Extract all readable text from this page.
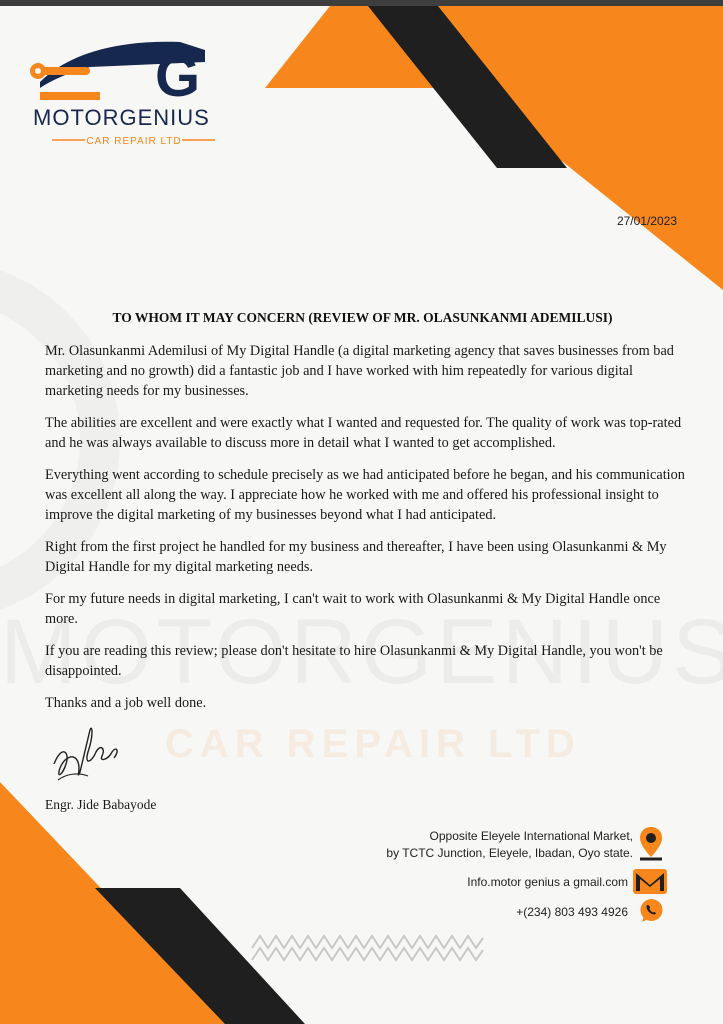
CAR REPAIR LTD
G
MOTORGENIUS
CAR REPAIR LTD
27/01/2023
TO WHOM IT MAY CONCERN (REVIEW OF MR. OLASUNKANMI ADEMILUSI)

Mr. Olasunkanmi Ademilusi of My Digital Handle (a digital marketing agency that saves businesses from bad marketing and no growth) did a fantastic job and I have worked with him repeatedly for various digital marketing needs for my businesses.

The abilities are excellent and were exactly what I wanted and requested for. The quality of work was top-rated and he was always available to discuss more in detail what I wanted to get accomplished.

Everything went according to schedule precisely as we had anticipated before he began, and his communication was excellent all along the way. I appreciate how he worked with me and offered his professional insight to improve the digital marketing of my businesses beyond what I had anticipated.

Right from the first project he handled for my business and thereafter, I have been using Olasunkanmi & My Digital Handle for my digital marketing needs.

For my future needs in digital marketing, I can't wait to work with Olasunkanmi & My Digital Handle once more.

If you are reading this review; please don't hesitate to hire Olasunkanmi & My Digital Handle, you won't be disappointed.

Thanks and a job well done.

Engr. Jide Babayode
Opposite Eleyele International Market,
by TCTC Junction, Eleyele, Ibadan, Oyo state.
Info.motor genius a gmail.com
+(234) 803 493 4926
